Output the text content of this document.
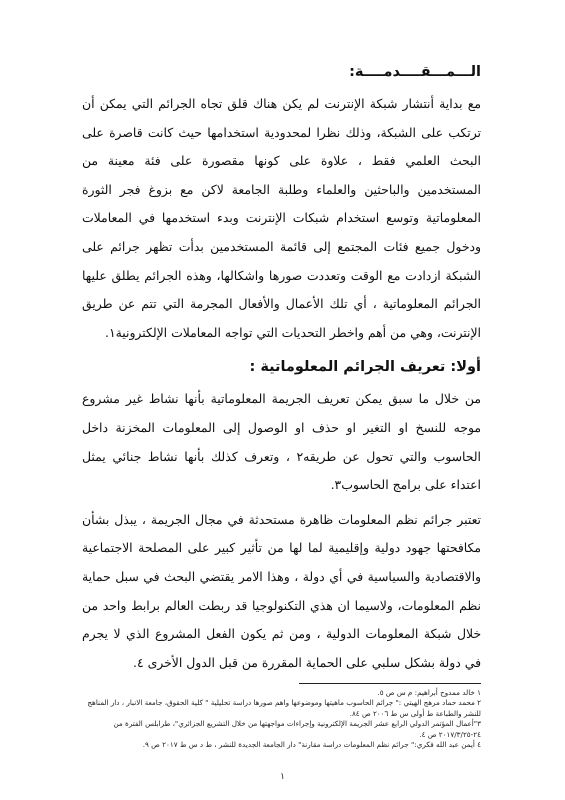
الـــمـــقــــدمــــة:

مع بداية أنتشار شبكة الإنترنت لم يكن هناك قلق تجاه الجرائم التي يمكن أن ترتكب على الشبكة، وذلك نظرا لمحدودية استخدامها حيث كانت قاصرة على البحث العلمي فقط ، علاوة على كونها مقصورة على فئة معينة من المستخدمين والباحثين والعلماء وطلبة الجامعة لاكن مع بزوغ فجر الثورة المعلوماتية وتوسع استخدام شبكات الإنترنت وبدء استخدمها في المعاملات ودخول جميع فئات المجتمع إلى قائمة المستخدمين بدأت تظهر جرائم على الشبكة ازدادت مع الوقت وتعددت صورها واشكالها، وهذه الجرائم يطلق عليها الجرائم المعلوماتية ، أي تلك الأعمال والأفعال المجرمة التي تتم عن طريق الإنترنت، وهي من أهم واخطر التحديات التي تواجه المعاملات الإلكترونية١.

أولا: تعريف الجرائم المعلوماتية :

من خلال ما سبق يمكن تعريف الجريمة المعلوماتية بأنها نشاط غير مشروع موجه للنسخ او التغير او حذف او الوصول إلى المعلومات المخزنة داخل الحاسوب والتي تحول عن طريقه٢ ، وتعرف كذلك بأنها نشاط جنائي يمثل اعتداء على برامج الحاسوب٣.

تعتبر جرائم نظم المعلومات ظاهرة مستحدثة في مجال الجريمة ، يبذل بشأن مكافحتها جهود دولية وإقليمية لما لها من تأثير كبير على المصلحة الاجتماعية والاقتصادية والسياسية في أي دولة ، وهذا الامر يقتضي البحث في سبل حماية نظم المعلومات، ولاسيما ان هذي التكنولوجيا قد ربطت العالم برابط واحد من خلال شبكة المعلومات الدولية ، ومن ثم يكون الفعل المشروع الذي لا يجرم في دولة بشكل سلبي على الحماية المقررة من قبل الدول الأخرى ٤.

١ خالد ممدوح أبراهيم: م س ص ٥.

٢ محمد حماد مرهج الهيتي :" جرائم الحاسوب ماهيتها وموضوعها واهم صورها دراسة تحليلية " كلية الحقوق، جامعة الانبار ، دار المناهج للنشر والطباعة ط أولى س ط ٢٠٠٦ ص ٨٤.

٣"أعمال المؤتمر الدولي الرابع عشر الجريمة الإلكترونية وإجراءات مواجهتها من خلال التشريع الجزائري"، طرابلس الفترة من ٢٤-٢٠١٧/٣/٢٥ ص ٤.

٤ أيمن عبد الله فكري:" جرائم نظم المعلومات دراسة مقارنة" دار الجامعة الجديدة للنشر ، ط د س ط ٢٠١٧ ص ٩.

١
